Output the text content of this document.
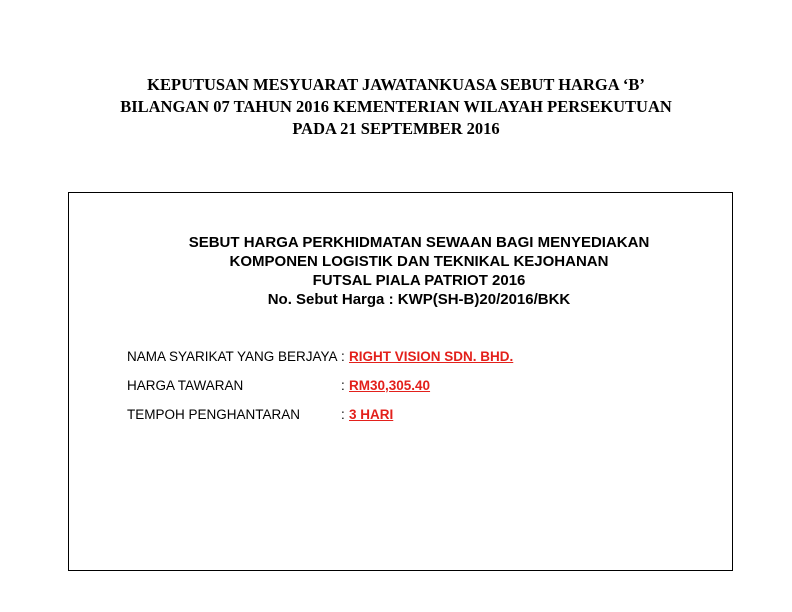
KEPUTUSAN MESYUARAT JAWATANKUASA SEBUT HARGA ‘B’
BILANGAN 07 TAHUN 2016 KEMENTERIAN WILAYAH PERSEKUTUAN
PADA 21 SEPTEMBER 2016
SEBUT HARGA PERKHIDMATAN SEWAAN BAGI MENYEDIAKAN
KOMPONEN LOGISTIK DAN TEKNIKAL KEJOHANAN
FUTSAL PIALA PATRIOT 2016
No. Sebut Harga : KWP(SH-B)20/2016/BKK
NAMA SYARIKAT YANG BERJAYA : RIGHT VISION SDN. BHD.
HARGA TAWARAN	: RM30,305.40
TEMPOH PENGHANTARAN	: 3 HARI
